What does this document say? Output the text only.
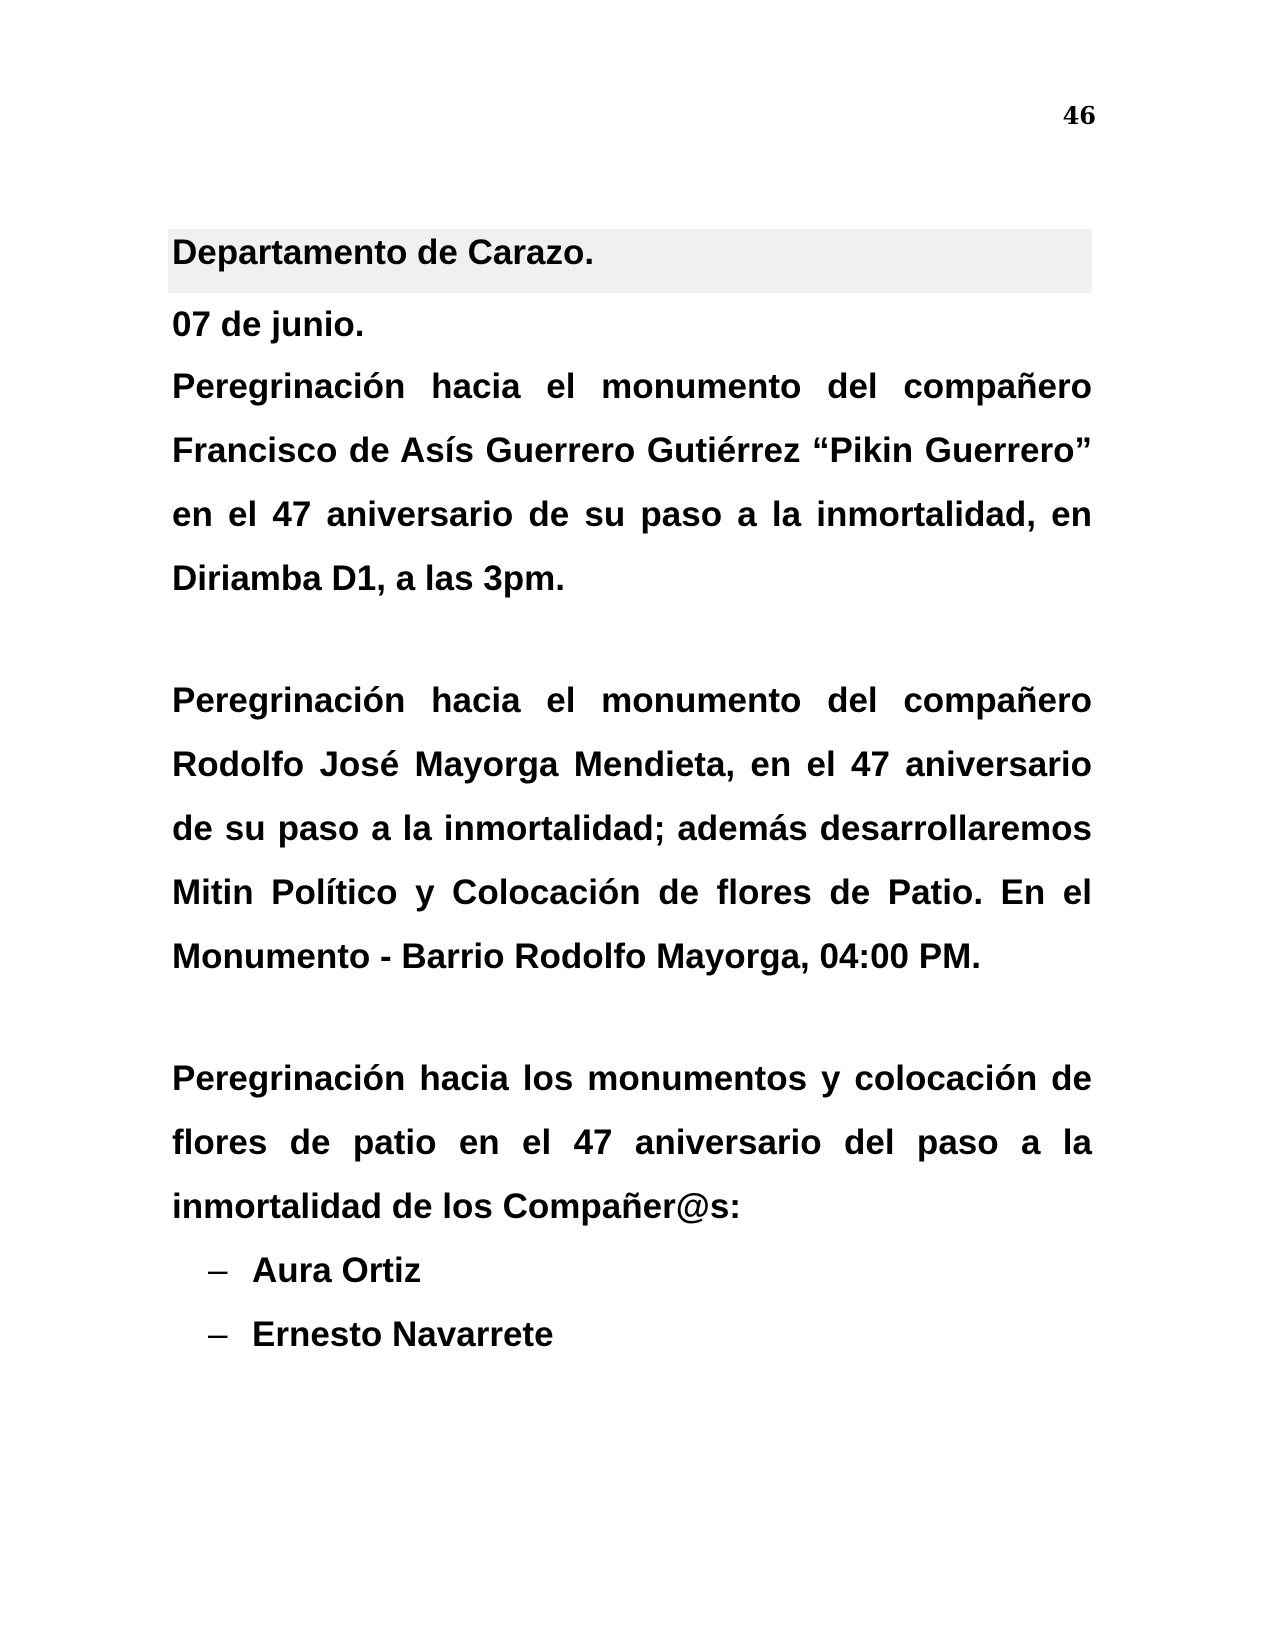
46
Departamento de Carazo.
07 de junio.

Peregrinación hacia el monumento del compañero Francisco de Asís Guerrero Gutiérrez “Pikin Guerrero” en el 47 aniversario de su paso a la inmortalidad, en Diriamba D1, a las 3pm.

Peregrinación hacia el monumento del compañero Rodolfo José Mayorga Mendieta, en el 47 aniversario de su paso a la inmortalidad; además desarrollaremos Mitin Político y Colocación de flores de Patio. En el Monumento - Barrio Rodolfo Mayorga, 04:00 PM.

Peregrinación hacia los monumentos y colocación de flores de patio en el 47 aniversario del paso a la inmortalidad de los Compañer@s:

– Aura Ortiz
– Ernesto Navarrete
